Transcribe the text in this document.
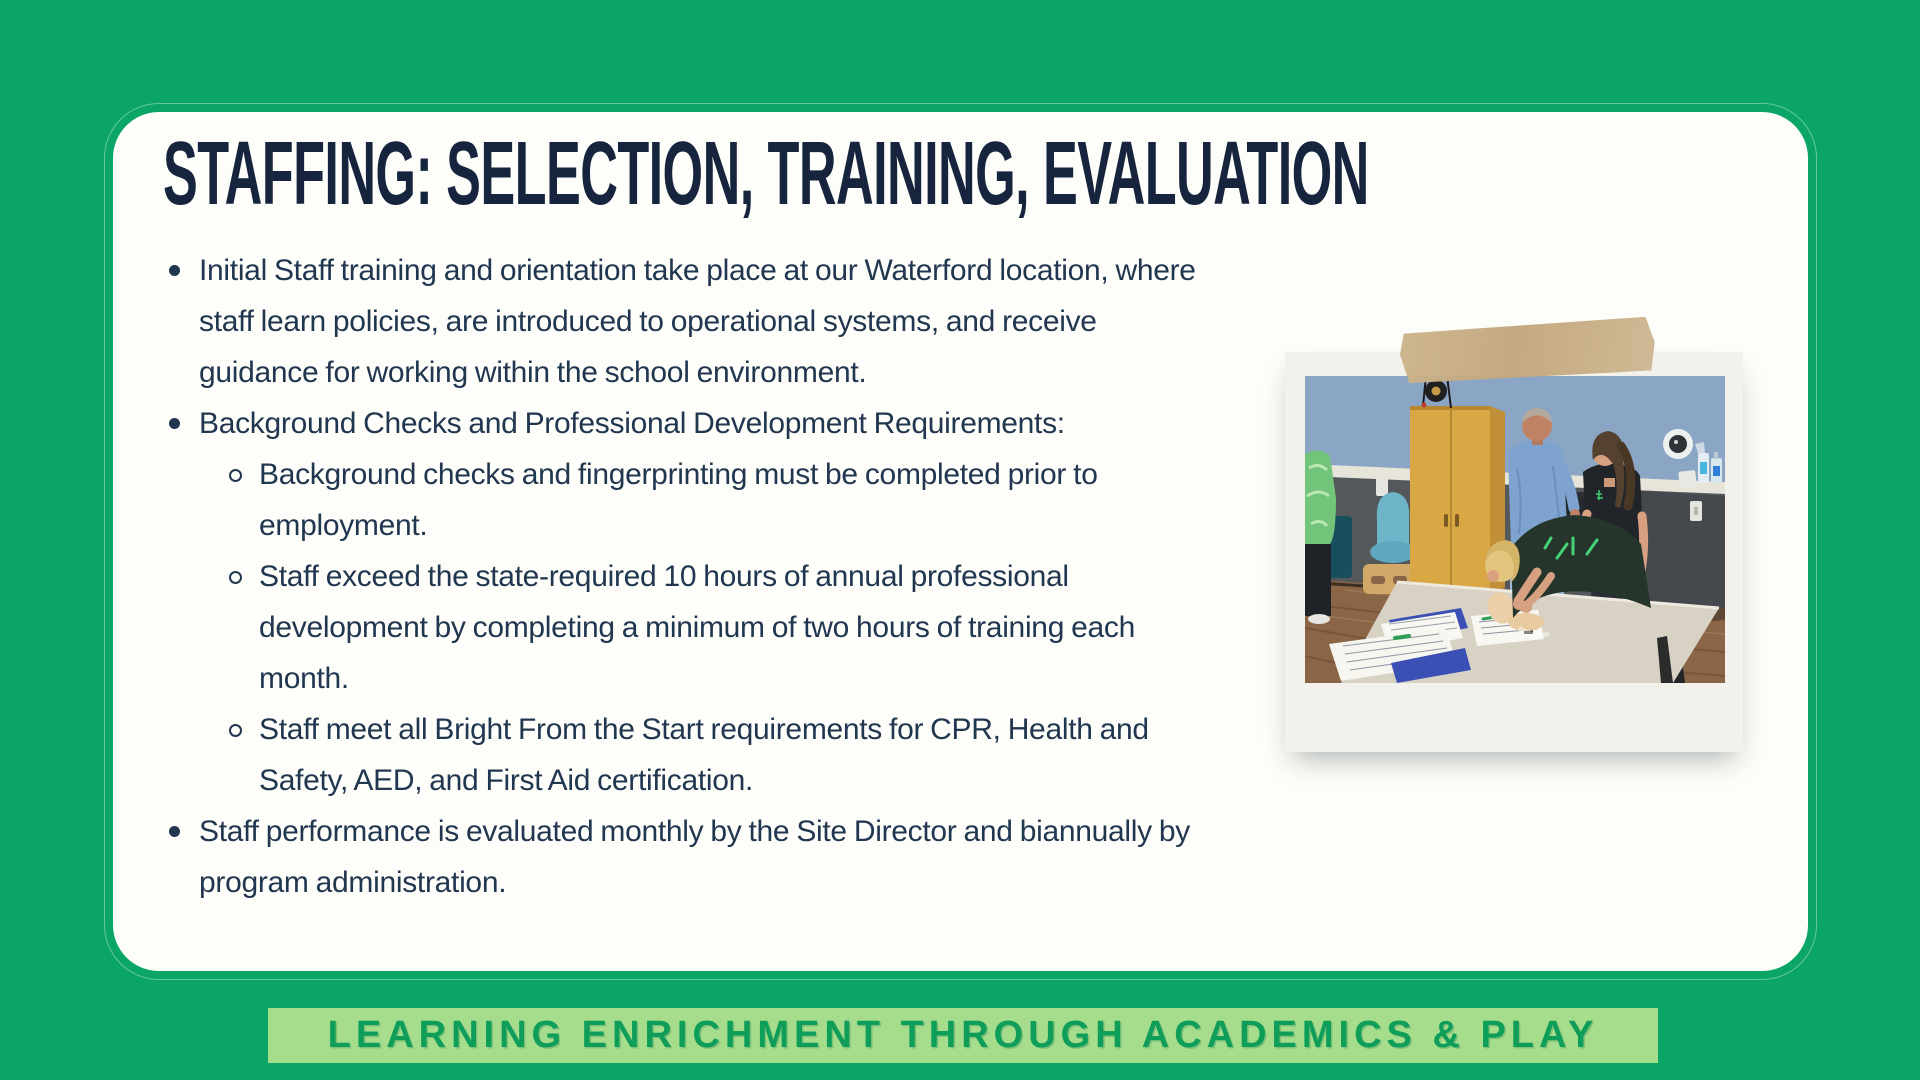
STAFFING: SELECTION, TRAINING, EVALUATION
Initial Staff training and orientation take place at our Waterford location, where staff learn policies, are introduced to operational systems, and receive guidance for working within the school environment.
Background Checks and Professional Development Requirements:
Background checks and fingerprinting must be completed prior to employment.
Staff exceed the state-required 10 hours of annual professional development by completing a minimum of two hours of training each month.
Staff meet all Bright From the Start requirements for CPR, Health and Safety, AED, and First Aid certification.
Staff performance is evaluated monthly by the Site Director and biannually by program administration.
LEARNING ENRICHMENT THROUGH ACADEMICS & PLAY
